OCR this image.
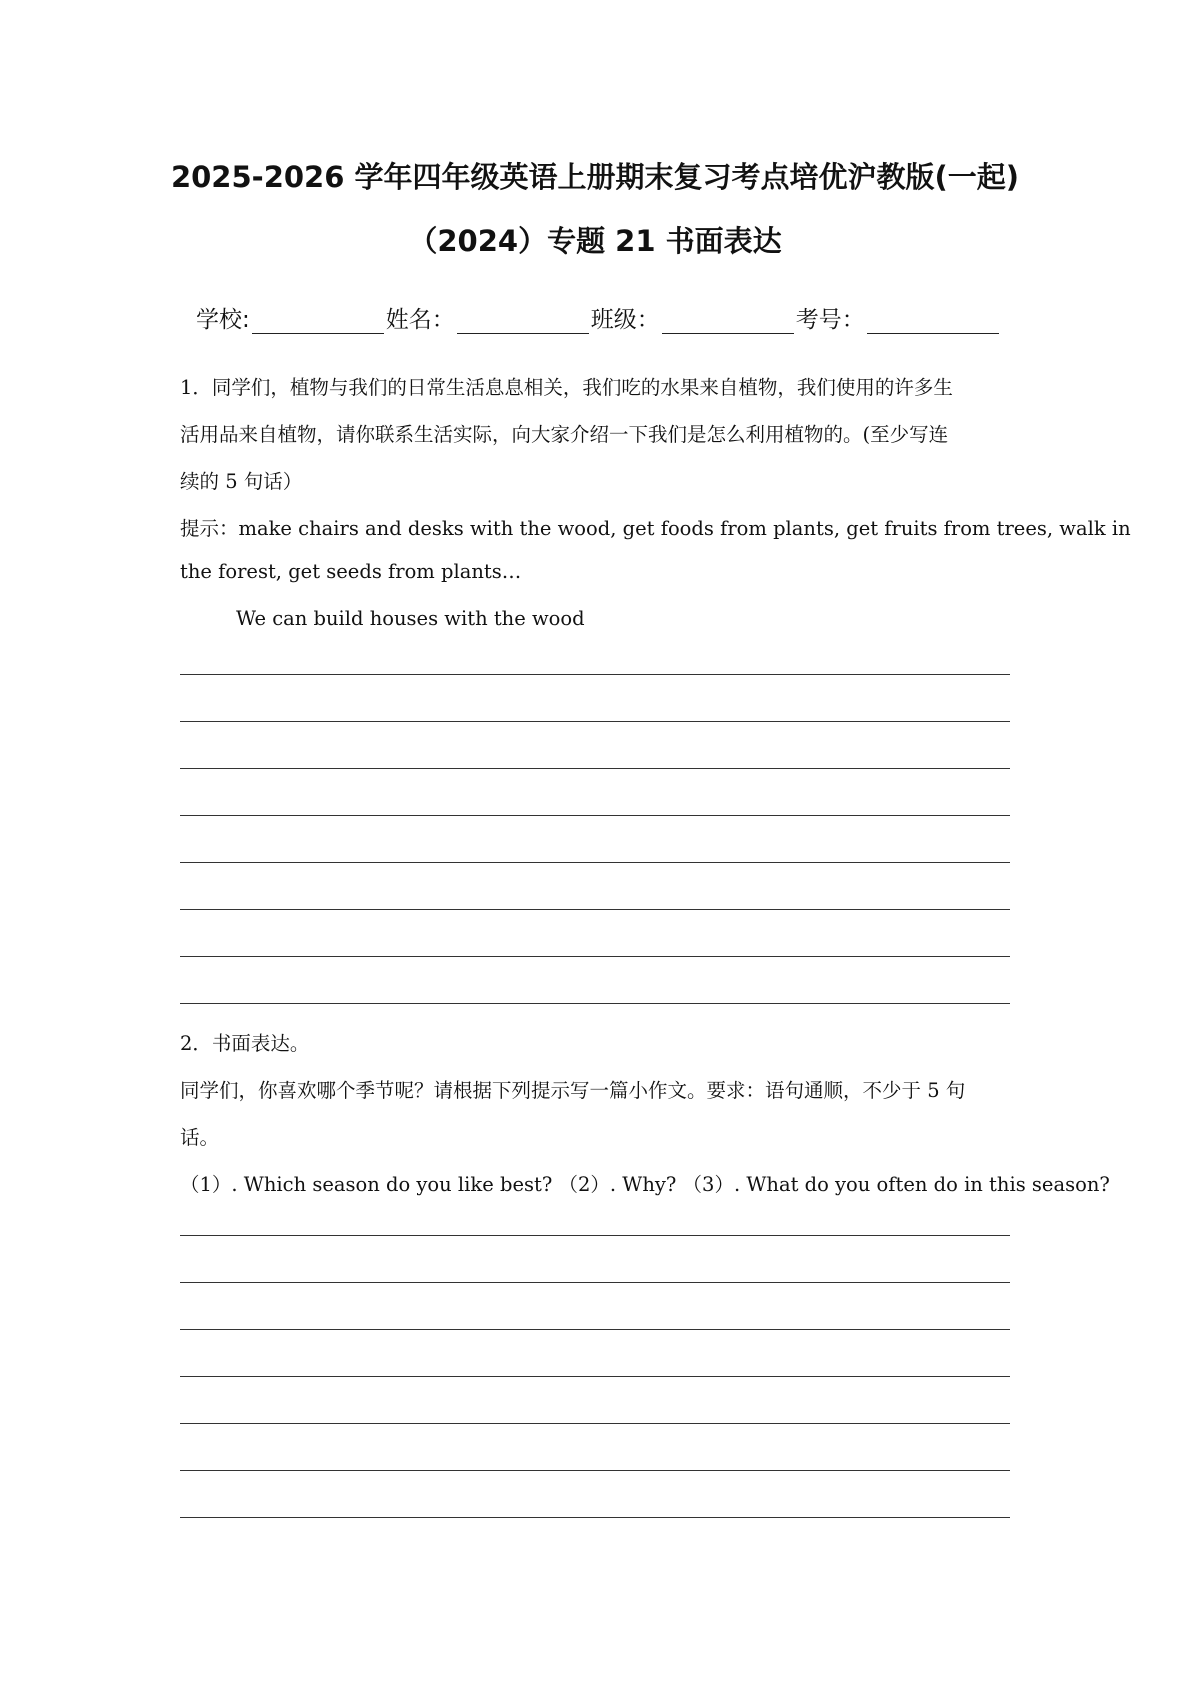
2025-2026 学年四年级英语上册期末复习考点培优沪教版(一起)
（2024）专题 21 书面表达
学校:	姓名：	班级：	考号：
1．同学们，植物与我们的日常生活息息相关，我们吃的水果来自植物，我们使用的许多生
活用品来自植物，请你联系生活实际，向大家介绍一下我们是怎么利用植物的。(至少写连
续的 5 句话）
提示：make chairs and desks with the wood, get foods from plants, get fruits from trees, walk in
the forest, get seeds from plants…
We can build houses with the wood
2．书面表达。
同学们，你喜欢哪个季节呢？请根据下列提示写一篇小作文。要求：语句通顺，不少于 5 句
话。
（1）. Which season do you like best? （2）. Why? （3）. What do you often do in this season?
